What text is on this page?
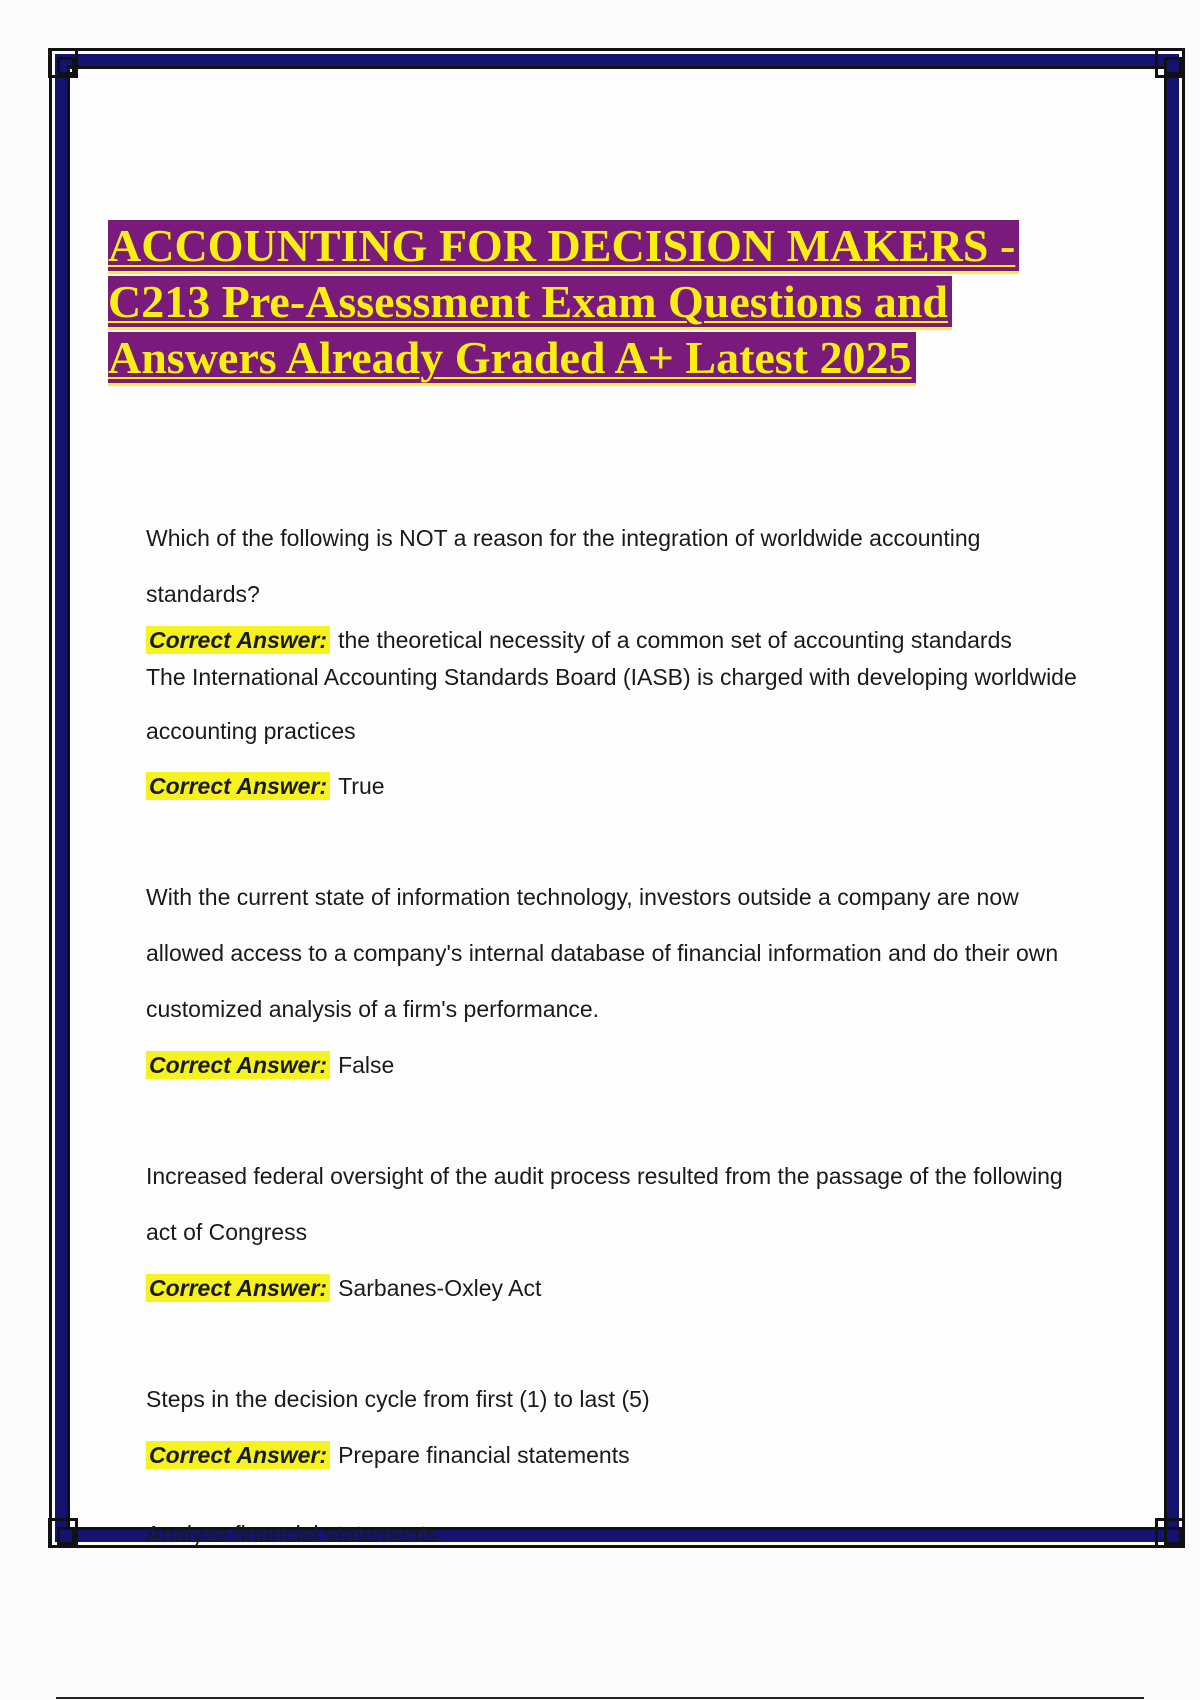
ACCOUNTING FOR DECISION MAKERS -
C213 Pre-Assessment Exam Questions and
Answers Already Graded A+ Latest 2025

Which of the following is NOT a reason for the integration of worldwide accounting standards?

Correct Answer: the theoretical necessity of a common set of accounting standards

The International Accounting Standards Board (IASB) is charged with developing worldwide accounting practices

Correct Answer: True

With the current state of information technology, investors outside a company are now allowed access to a company's internal database of financial information and do their own customized analysis of a firm's performance.

Correct Answer: False

Increased federal oversight of the audit process resulted from the passage of the following act of Congress

Correct Answer: Sarbanes-Oxley Act

Steps in the decision cycle from first (1) to last (5)

Correct Answer: Prepare financial statements

Analyze financial statements
